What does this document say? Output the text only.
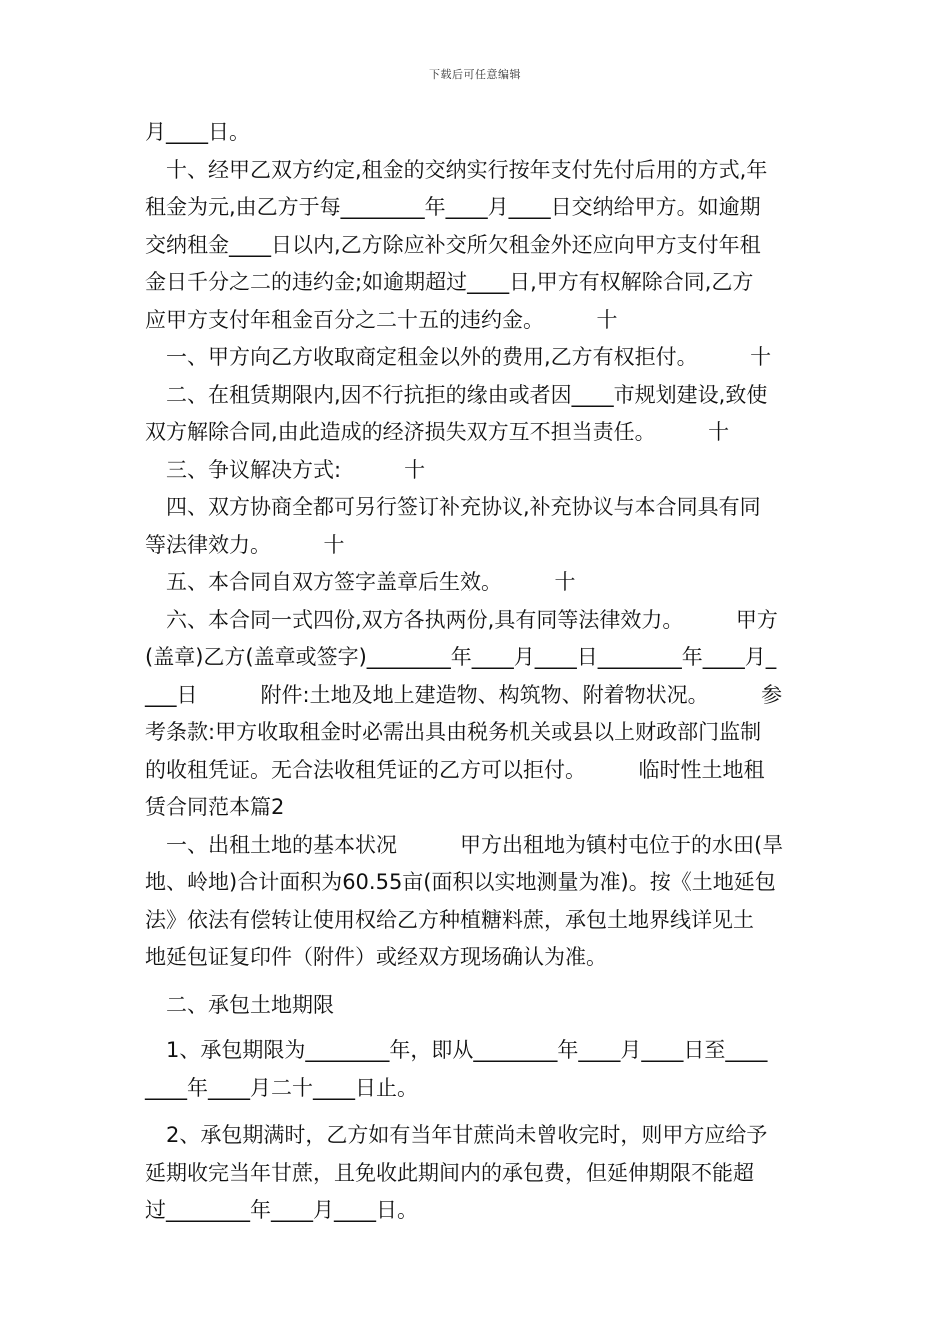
下载后可任意编辑
月____日。
　十、经甲乙双方约定,租金的交纳实行按年支付先付后用的方式,年
租金为元,由乙方于每________年____月____日交纳给甲方。如逾期
交纳租金____日以内,乙方除应补交所欠租金外还应向甲方支付年租
金日千分之二的违约金;如逾期超过____日,甲方有权解除合同,乙方
应甲方支付年租金百分之二十五的违约金。　　　十
　一、甲方向乙方收取商定租金以外的费用,乙方有权拒付。　　　十
　二、在租赁期限内,因不行抗拒的缘由或者因____市规划建设,致使
双方解除合同,由此造成的经济损失双方互不担当责任。　　　十
　三、争议解决方式:　　　十
　四、双方协商全都可另行签订补充协议,补充协议与本合同具有同
等法律效力。　　　十
　五、本合同自双方签字盖章后生效。　　　十
　六、本合同一式四份,双方各执两份,具有同等法律效力。　　　甲方
(盖章)乙方(盖章或签字)________年____月____日________年____月_
___日　　　附件:土地及地上建造物、构筑物、附着物状况。　　　参
考条款:甲方收取租金时必需出具由税务机关或县以上财政部门监制
的收租凭证。无合法收租凭证的乙方可以拒付。　　　临时性土地租
赁合同范本篇2
　一、出租土地的基本状况　　　甲方出租地为镇村屯位于的水田(旱
地、岭地)合计面积为60.55亩(面积以实地测量为准)。按《土地延包
法》依法有偿转让使用权给乙方种植糖料蔗，承包土地界线详见土
地延包证复印件（附件）或经双方现场确认为准。
　二、承包土地期限
　1、承包期限为________年，即从________年____月____日至____
____年____月二十____日止。
　2、承包期满时，乙方如有当年甘蔗尚未曾收完时，则甲方应给予
延期收完当年甘蔗，且免收此期间内的承包费，但延伸期限不能超
过________年____月____日。
